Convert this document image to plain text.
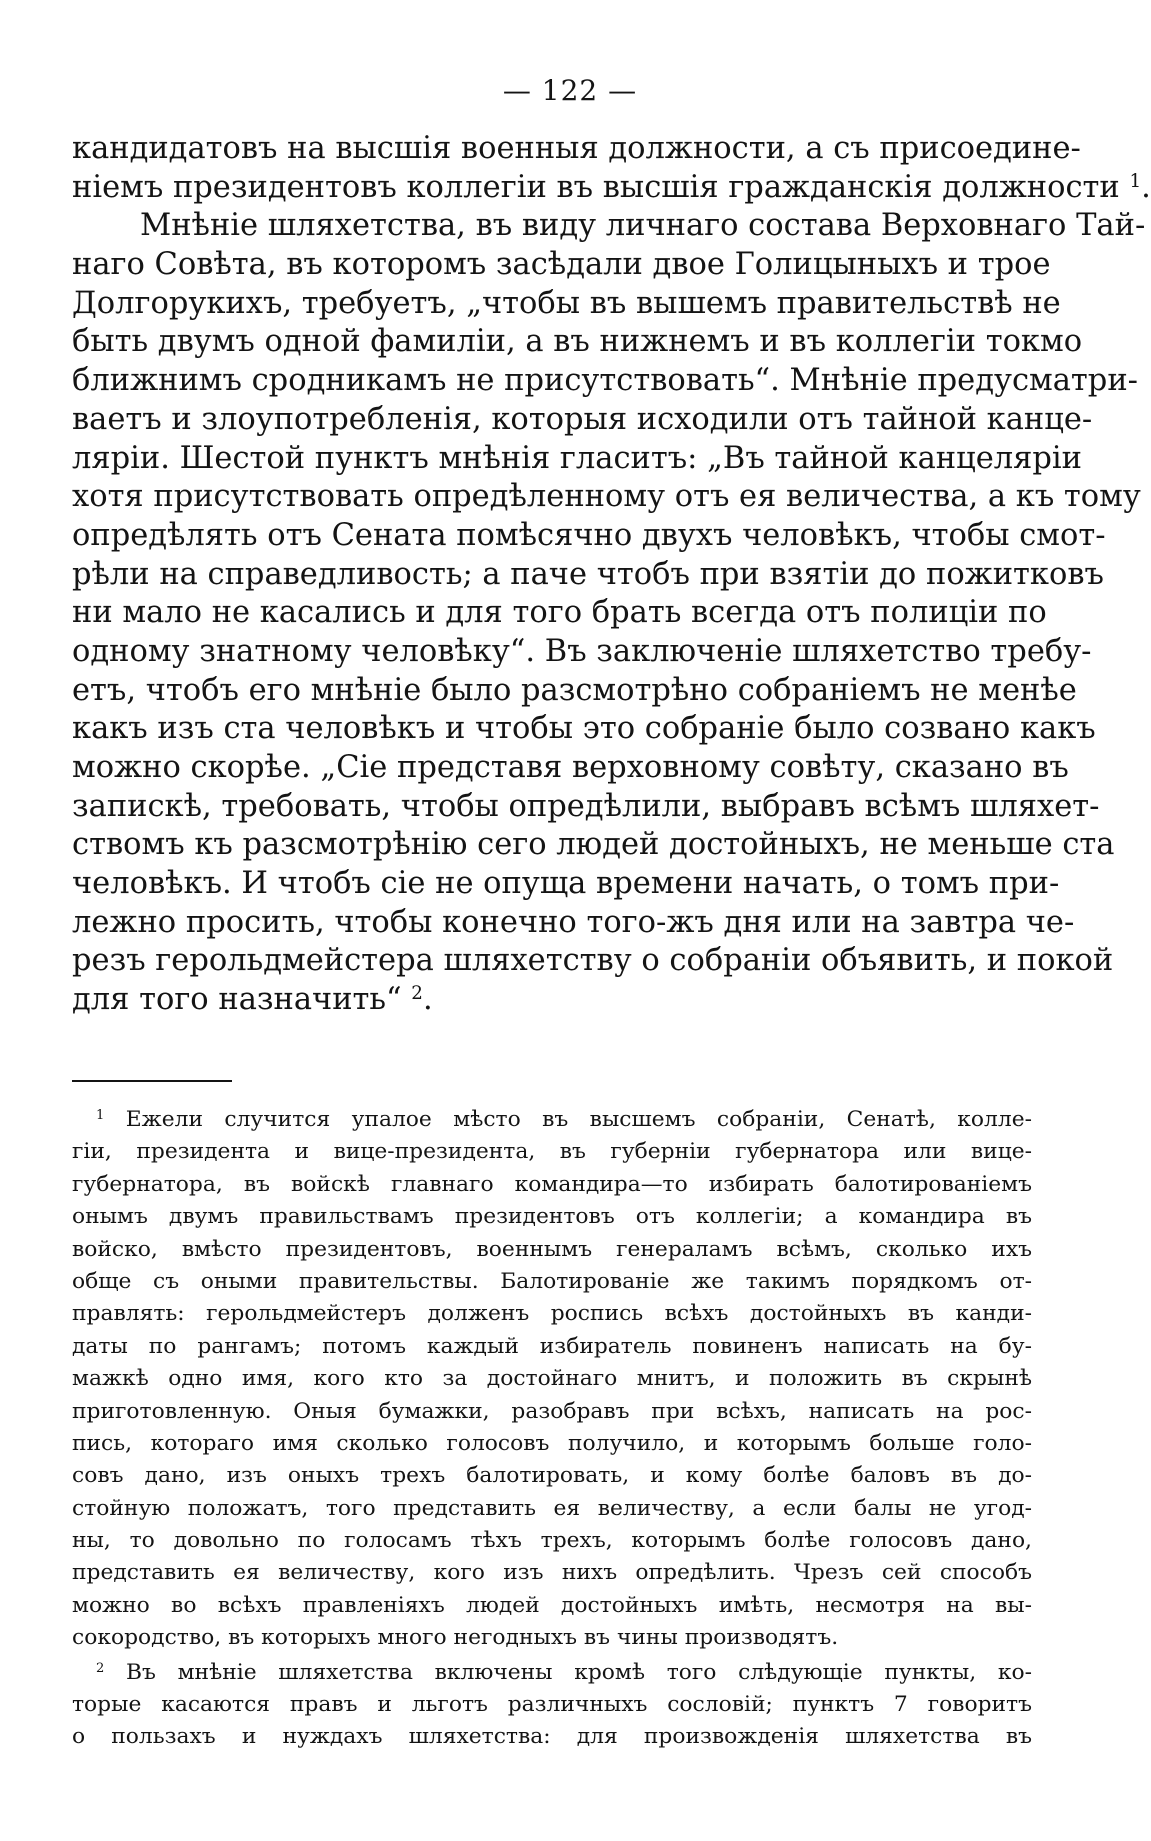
— 122 —
кандидатовъ на высшія военныя должности, а съ присоедине-
ніемъ президентовъ коллегіи въ высшія гражданскія должности $^1$.
Мнѣніе шляхетства, въ виду личнаго состава Верховнаго Тай-
наго Совѣта, въ которомъ засѣдали двое Голицыныхъ и трое
Долгорукихъ, требуетъ, „чтобы въ вышемъ правительствѣ не
быть двумъ одной фамиліи, а въ нижнемъ и въ коллегіи токмо
ближнимъ сродникамъ не присутствовать“. Мнѣніе предусматри-
ваетъ и злоупотребленія, которыя исходили отъ тайной канце-
ляріи. Шестой пунктъ мнѣнія гласитъ: „Въ тайной канцеляріи
хотя присутствовать опредѣленному отъ ея величества, а къ тому
опредѣлять отъ Сената помѣсячно двухъ человѣкъ, чтобы смот-
рѣли на справедливость; а паче чтобъ при взятіи до пожитковъ
ни мало не касались и для того брать всегда отъ полиціи по
одному знатному человѣку“. Въ заключеніе шляхетство требу-
етъ, чтобъ его мнѣніе было разсмотрѣно собраніемъ не менѣе
какъ изъ ста человѣкъ и чтобы это собраніе было созвано какъ
можно скорѣе. „Сіе представя верховному совѣту, сказано въ
запискѣ, требовать, чтобы опредѣлили, выбравъ всѣмъ шляхет-
ствомъ къ разсмотрѣнію сего людей достойныхъ, не меньше ста
человѣкъ. И чтобъ сіе не опуща времени начать, о томъ при-
лежно просить, чтобы конечно того-жъ дня или на завтра че-
резъ герольдмейстера шляхетству о собраніи объявить, и покой
для того назначить“ $^2$.
$^1$ Ежели случится упалое мѣсто въ высшемъ собраніи, Сенатѣ, колле-
гіи, президента и вице-президента, въ губерніи губернатора или вице-
губернатора, въ войскѣ главнаго командира—то избирать балотированіемъ
онымъ двумъ правильствамъ президентовъ отъ коллегіи; а командира въ
войско, вмѣсто президентовъ, военнымъ генераламъ всѣмъ, сколько ихъ
обще съ оными правительствы. Балотированіе же такимъ порядкомъ от-
правлять: герольдмейстеръ долженъ роспись всѣхъ достойныхъ въ канди-
даты по рангамъ; потомъ каждый избиратель повиненъ написать на бу-
мажкѣ одно имя, кого кто за достойнаго мнитъ, и положить въ скрынѣ
приготовленную. Оныя бумажки, разобравъ при всѣхъ, написать на рос-
пись, котораго имя сколько голосовъ получило, и которымъ больше голо-
совъ дано, изъ оныхъ трехъ балотировать, и кому болѣе баловъ въ до-
стойную положатъ, того представить ея величеству, а если балы не угод-
ны, то довольно по голосамъ тѣхъ трехъ, которымъ болѣе голосовъ дано,
представить ея величеству, кого изъ нихъ опредѣлить. Чрезъ сей способъ
можно во всѣхъ правленіяхъ людей достойныхъ имѣть, несмотря на вы-
сокородство, въ которыхъ много негодныхъ въ чины производятъ.
$^2$ Въ мнѣніе шляхетства включены кромѣ того слѣдующіе пункты, ко-
торые касаются правъ и льготъ различныхъ сословій; пунктъ 7 говоритъ
о пользахъ и нуждахъ шляхетства: для произвожденія шляхетства въ
